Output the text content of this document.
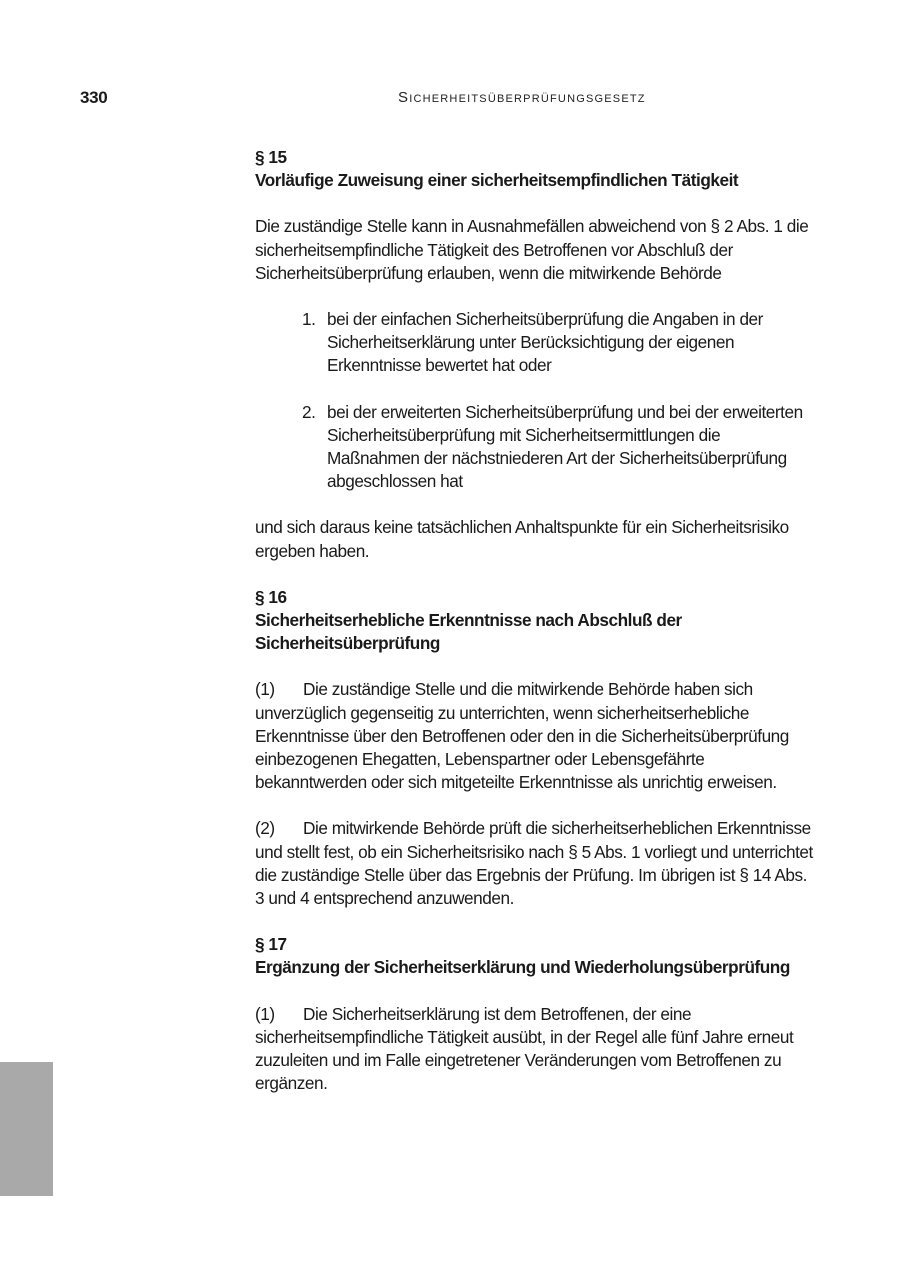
330	Sicherheitsüberprüfungsgesetz

§ 15

Vorläufige Zuweisung einer sicherheitsempfindlichen Tätigkeit

Die zuständige Stelle kann in Ausnahmefällen abweichend von § 2 Abs. 1 die sicherheitsempfindliche Tätigkeit des Betroffenen vor Abschluß der Sicherheitsüberprüfung erlauben, wenn die mitwirkende Behörde

1. bei der einfachen Sicherheitsüberprüfung die Angaben in der Sicherheitserklärung unter Berücksichtigung der eigenen Erkenntnisse bewertet hat oder
2. bei der erweiterten Sicherheitsüberprüfung und bei der erweiterten Sicherheitsüberprüfung mit Sicherheitsermittlungen die Maßnahmen der nächstniederen Art der Sicherheitsüberprüfung abgeschlossen hat

und sich daraus keine tatsächlichen Anhaltspunkte für ein Sicherheitsrisiko ergeben haben.

§ 16

Sicherheitserhebliche Erkenntnisse nach Abschluß der Sicherheitsüberprüfung

(1) Die zuständige Stelle und die mitwirkende Behörde haben sich unverzüglich gegenseitig zu unterrichten, wenn sicherheitserhebliche Erkenntnisse über den Betroffenen oder den in die Sicherheitsüberprüfung einbezogenen Ehegatten, Lebenspartner oder Lebensgefährte bekanntwerden oder sich mitgeteilte Erkenntnisse als unrichtig erweisen.

(2) Die mitwirkende Behörde prüft die sicherheitserheblichen Erkenntnisse und stellt fest, ob ein Sicherheitsrisiko nach § 5 Abs. 1 vorliegt und unterrichtet die zuständige Stelle über das Ergebnis der Prüfung. Im übrigen ist § 14 Abs. 3 und 4 entsprechend anzuwenden.

§ 17

Ergänzung der Sicherheitserklärung und Wiederholungsüberprüfung

(1) Die Sicherheitserklärung ist dem Betroffenen, der eine sicherheitsempfindliche Tätigkeit ausübt, in der Regel alle fünf Jahre erneut zuzuleiten und im Falle eingetretener Veränderungen vom Betroffenen zu ergänzen.
